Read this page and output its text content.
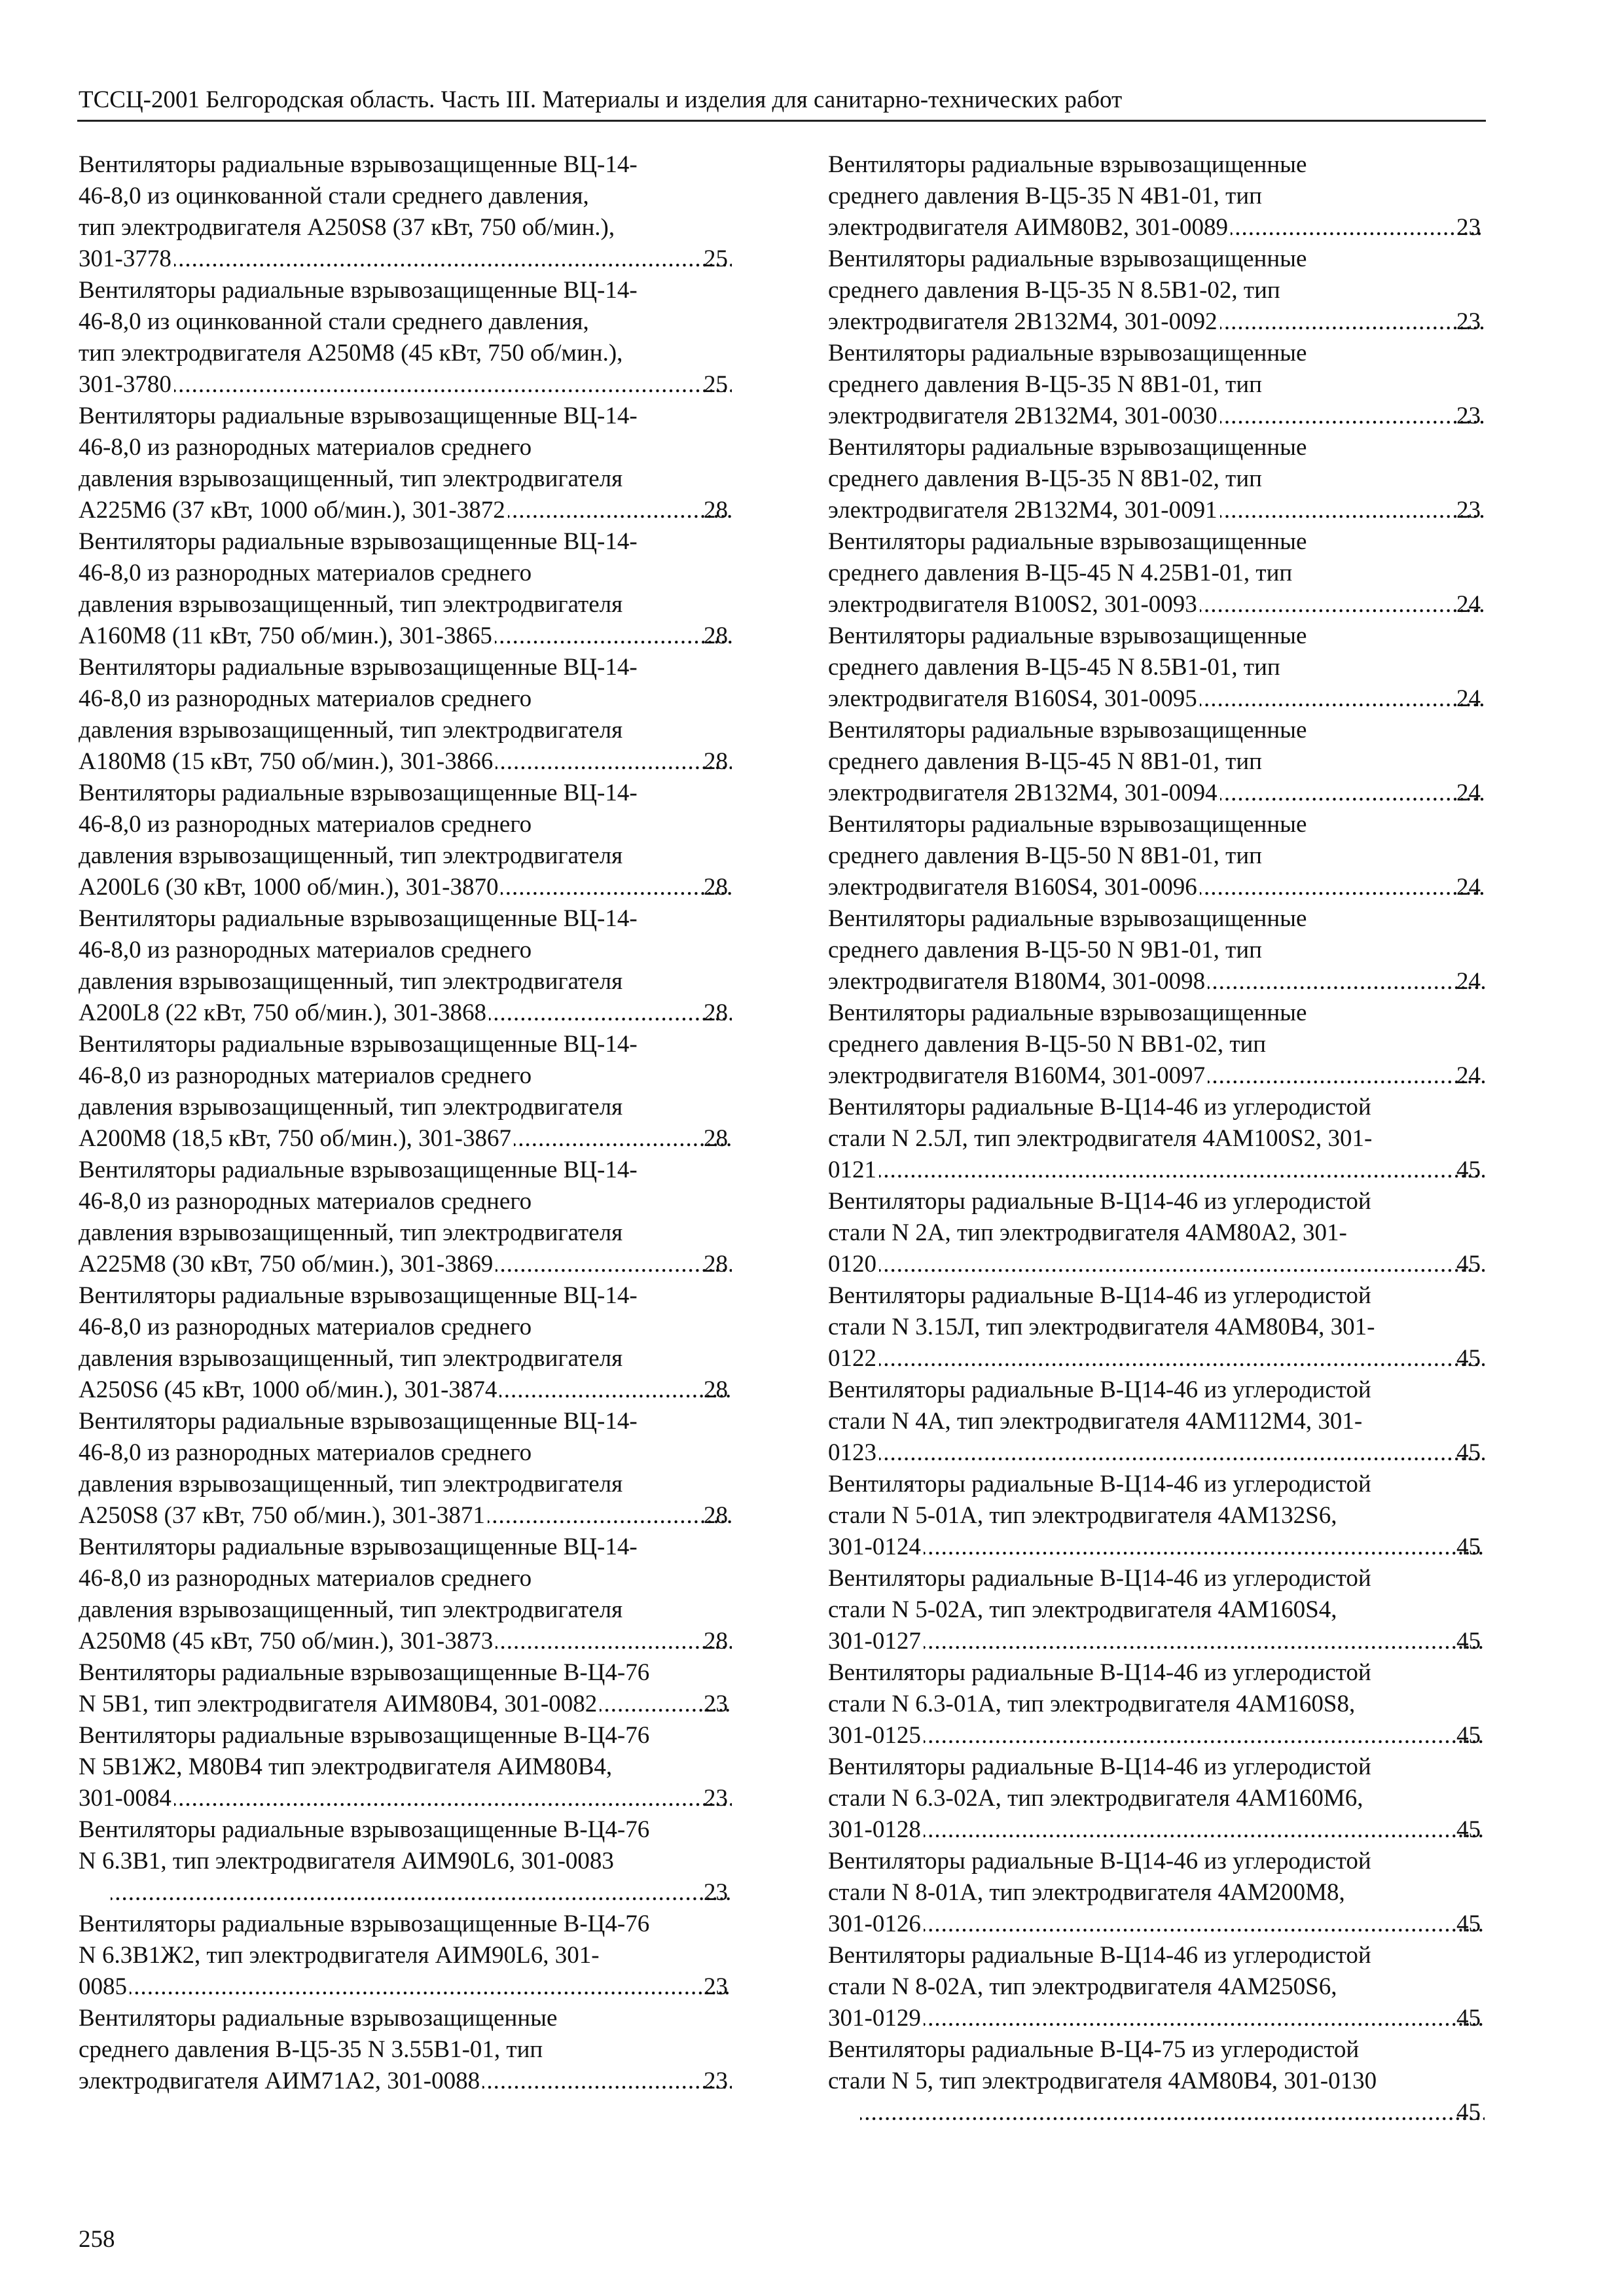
ТССЦ-2001 Белгородская область. Часть III. Материалы и изделия для санитарно-технических работ
Вентиляторы радиальные взрывозащищенные ВЦ-14-
46-8,0 из оцинкованной стали среднего давления,
тип электродвигателя А250S8 (37 кВт, 750 об/мин.),
301-3778 .....	25
Вентиляторы радиальные взрывозащищенные ВЦ-14-
46-8,0 из оцинкованной стали среднего давления,
тип электродвигателя А250М8 (45 кВт, 750 об/мин.),
301-3780 .....	25
Вентиляторы радиальные взрывозащищенные ВЦ-14-
46-8,0 из разнородных материалов среднего
давления взрывозащищенный, тип электродвигателя
А225М6 (37 кВт, 1000 об/мин.), 301-3872 .....	28
Вентиляторы радиальные взрывозащищенные ВЦ-14-
46-8,0 из разнородных материалов среднего
давления взрывозащищенный, тип электродвигателя
А160М8 (11 кВт, 750 об/мин.), 301-3865 .....	28
Вентиляторы радиальные взрывозащищенные ВЦ-14-
46-8,0 из разнородных материалов среднего
давления взрывозащищенный, тип электродвигателя
А180М8 (15 кВт, 750 об/мин.), 301-3866 .....	28
Вентиляторы радиальные взрывозащищенные ВЦ-14-
46-8,0 из разнородных материалов среднего
давления взрывозащищенный, тип электродвигателя
А200L6 (30 кВт, 1000 об/мин.), 301-3870 .....	28
Вентиляторы радиальные взрывозащищенные ВЦ-14-
46-8,0 из разнородных материалов среднего
давления взрывозащищенный, тип электродвигателя
А200L8 (22 кВт, 750 об/мин.), 301-3868 .....	28
Вентиляторы радиальные взрывозащищенные ВЦ-14-
46-8,0 из разнородных материалов среднего
давления взрывозащищенный, тип электродвигателя
А200М8 (18,5 кВт, 750 об/мин.), 301-3867 .....	28
Вентиляторы радиальные взрывозащищенные ВЦ-14-
46-8,0 из разнородных материалов среднего
давления взрывозащищенный, тип электродвигателя
А225М8 (30 кВт, 750 об/мин.), 301-3869 .....	28
Вентиляторы радиальные взрывозащищенные ВЦ-14-
46-8,0 из разнородных материалов среднего
давления взрывозащищенный, тип электродвигателя
А250S6 (45 кВт, 1000 об/мин.), 301-3874 .....	28
Вентиляторы радиальные взрывозащищенные ВЦ-14-
46-8,0 из разнородных материалов среднего
давления взрывозащищенный, тип электродвигателя
А250S8 (37 кВт, 750 об/мин.), 301-3871 .....	28
Вентиляторы радиальные взрывозащищенные ВЦ-14-
46-8,0 из разнородных материалов среднего
давления взрывозащищенный, тип электродвигателя
А250М8 (45 кВт, 750 об/мин.), 301-3873 .....	28
Вентиляторы радиальные взрывозащищенные В-Ц4-76
N 5В1, тип электродвигателя АИМ80В4, 301-0082 .....	23
Вентиляторы радиальные взрывозащищенные В-Ц4-76
N 5В1Ж2, М80В4 тип электродвигателя АИМ80В4,
301-0084 .....	23
Вентиляторы радиальные взрывозащищенные В-Ц4-76
N 6.3В1, тип электродвигателя АИМ90L6, 301-0083
.....
23
Вентиляторы радиальные взрывозащищенные В-Ц4-76
N 6.3В1Ж2, тип электродвигателя АИМ90L6, 301-
0085 .....	23
Вентиляторы радиальные взрывозащищенные
среднего давления В-Ц5-35 N 3.55В1-01, тип
электродвигателя АИМ71А2, 301-0088 .....	23
Вентиляторы радиальные взрывозащищенные
среднего давления В-Ц5-35 N 4В1-01, тип
электродвигателя АИМ80В2, 301-0089 .....	23
Вентиляторы радиальные взрывозащищенные
среднего давления В-Ц5-35 N 8.5В1-02, тип
электродвигателя 2В132М4, 301-0092 .....	23
Вентиляторы радиальные взрывозащищенные
среднего давления В-Ц5-35 N 8В1-01, тип
электродвигателя 2В132М4, 301-0030 .....	23
Вентиляторы радиальные взрывозащищенные
среднего давления В-Ц5-35 N 8В1-02, тип
электродвигателя 2В132М4, 301-0091 .....	23
Вентиляторы радиальные взрывозащищенные
среднего давления В-Ц5-45 N 4.25В1-01, тип
электродвигателя В100S2, 301-0093 .....	24
Вентиляторы радиальные взрывозащищенные
среднего давления В-Ц5-45 N 8.5В1-01, тип
электродвигателя В160S4, 301-0095 .....	24
Вентиляторы радиальные взрывозащищенные
среднего давления В-Ц5-45 N 8В1-01, тип
электродвигателя 2В132М4, 301-0094 .....	24
Вентиляторы радиальные взрывозащищенные
среднего давления В-Ц5-50 N 8В1-01, тип
электродвигателя В160S4, 301-0096 .....	24
Вентиляторы радиальные взрывозащищенные
среднего давления В-Ц5-50 N 9В1-01, тип
электродвигателя В180М4, 301-0098 .....	24
Вентиляторы радиальные взрывозащищенные
среднего давления В-Ц5-50 N ВВ1-02, тип
электродвигателя В160М4, 301-0097 .....	24
Вентиляторы радиальные В-Ц14-46 из углеродистой
стали N 2.5Л, тип электродвигателя 4АМ100S2, 301-
0121 .....	45
Вентиляторы радиальные В-Ц14-46 из углеродистой
стали N 2А, тип электродвигателя 4АМ80А2, 301-
0120 .....	45
Вентиляторы радиальные В-Ц14-46 из углеродистой
стали N 3.15Л, тип электродвигателя 4АМ80В4, 301-
0122 .....	45
Вентиляторы радиальные В-Ц14-46 из углеродистой
стали N 4А, тип электродвигателя 4АМ112М4, 301-
0123 .....	45
Вентиляторы радиальные В-Ц14-46 из углеродистой
стали N 5-01А, тип электродвигателя 4АМ132S6,
301-0124 .....	45
Вентиляторы радиальные В-Ц14-46 из углеродистой
стали N 5-02А, тип электродвигателя 4АМ160S4,
301-0127 .....	45
Вентиляторы радиальные В-Ц14-46 из углеродистой
стали N 6.3-01А, тип электродвигателя 4АМ160S8,
301-0125 .....	45
Вентиляторы радиальные В-Ц14-46 из углеродистой
стали N 6.3-02А, тип электродвигателя 4АМ160М6,
301-0128 .....	45
Вентиляторы радиальные В-Ц14-46 из углеродистой
стали N 8-01А, тип электродвигателя 4АМ200М8,
301-0126 .....	45
Вентиляторы радиальные В-Ц14-46 из углеродистой
стали N 8-02А, тип электродвигателя 4АМ250S6,
301-0129 .....	45
Вентиляторы радиальные В-Ц4-75 из углеродистой
стали N 5, тип электродвигателя 4АМ80В4, 301-0130
.....
45
258
